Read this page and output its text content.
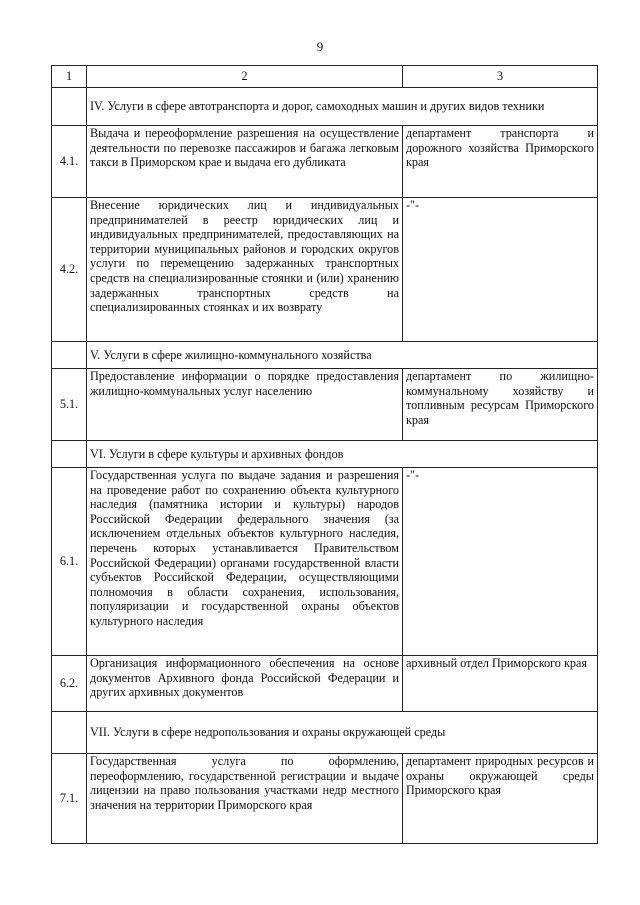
9
1	2	3
	IV. Услуги в сфере автотранспорта и дорог, самоходных машин и других видов техники	
4.1.	Выдача и переоформление разрешения на осуществление деятельности по перевозке пассажиров и багажа легковым такси в Приморском крае и выдача его дубликата	департамент транспорта и дорожного хозяйства Приморского края
4.2.	Внесение юридических лиц и индивидуальных предпринимателей в реестр юридических лиц и индивидуальных предпринимателей, предоставляющих на территории муниципальных районов и городских округов услуги по перемещению задержанных транспортных средств на специализированные стоянки и (или) хранению задержанных транспортных средств на специализированных стоянках и их возврату	-"-
	V. Услуги в сфере жилищно-коммунального хозяйства	
5.1.	Предоставление информации о порядке предоставления жилищно-коммунальных услуг населению	департамент по жилищно-коммунальному хозяйству и топливным ресурсам Приморского края
	VI. Услуги в сфере культуры и архивных фондов	
6.1.	Государственная услуга по выдаче задания и разрешения на проведение работ по сохранению объекта культурного наследия (памятника истории и культуры) народов Российской Федерации федерального значения (за исключением отдельных объектов культурного наследия, перечень которых устанавливается Правительством Российской Федерации) органами государственной власти субъектов Российской Федерации, осуществляющими полномочия в области сохранения, использования, популяризации и государственной охраны объектов культурного наследия	-"-
6.2.	Организация информационного обеспечения на основе документов Архивного фонда Российской Федерации и других архивных документов	архивный отдел Приморского края
	VII. Услуги в сфере недропользования и охраны окружающей среды	
7.1.	Государственная услуга по оформлению, переоформлению, государственной регистрации и выдаче лицензии на право пользования участками недр местного значения на территории Приморского края	департамент природных ресурсов и охраны окружающей среды Приморского края
